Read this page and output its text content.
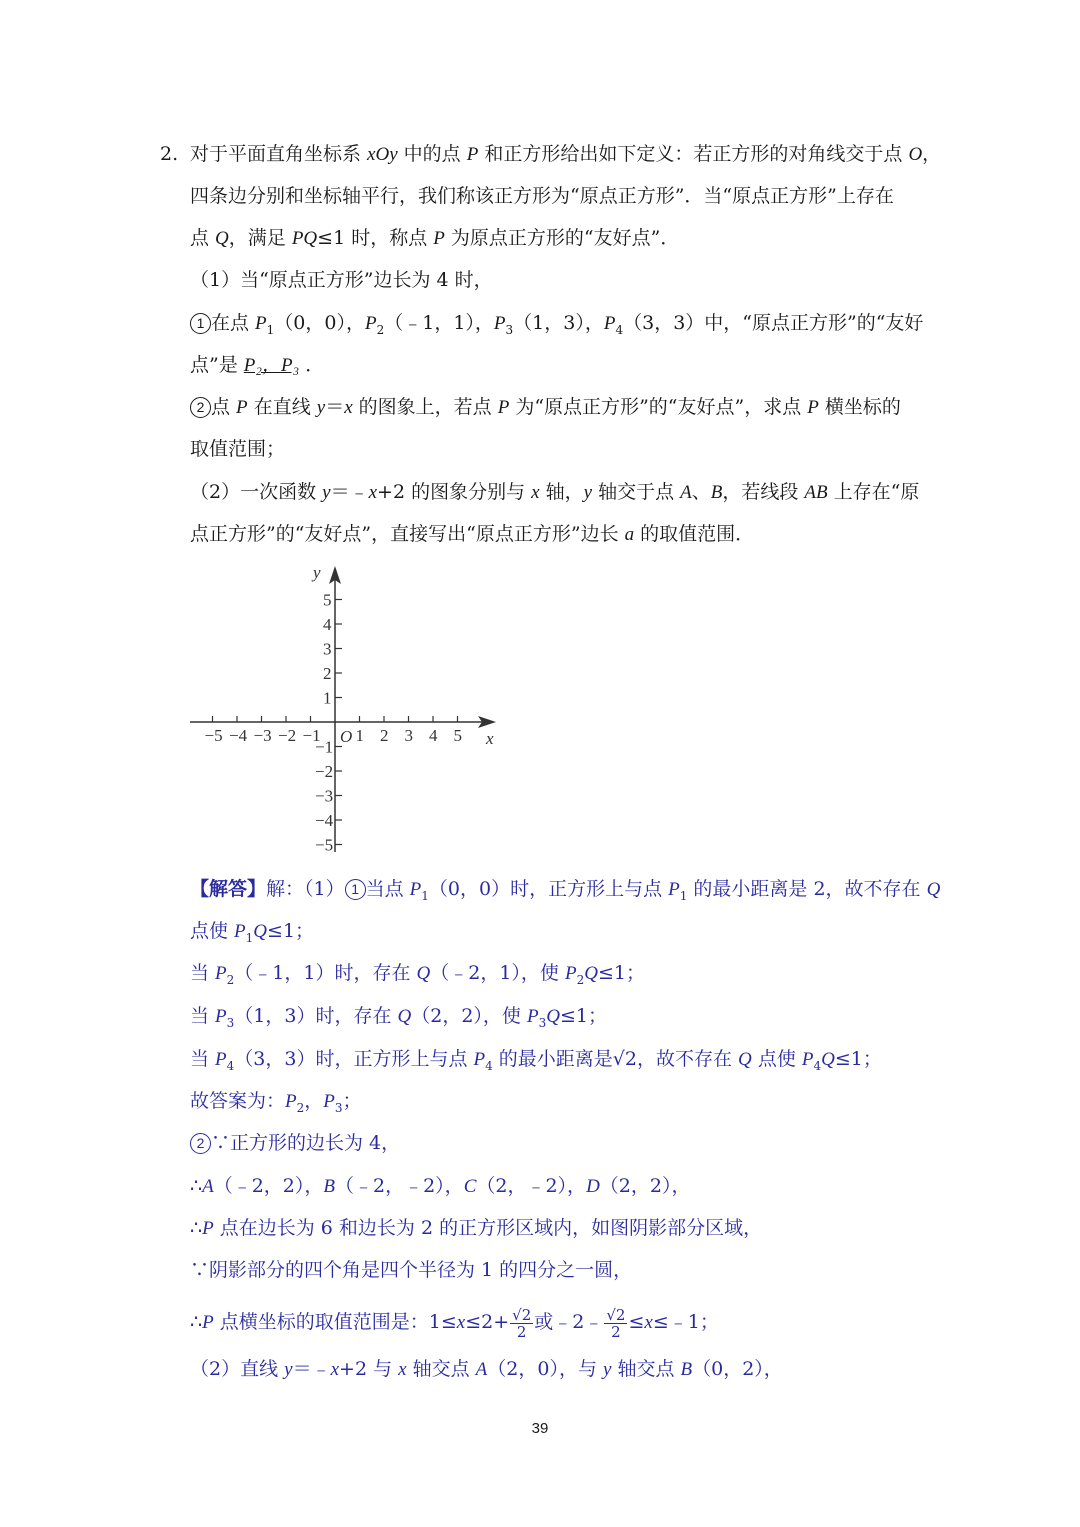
2. 对于平面直角坐标系 xOy 中的点 P 和正方形给出如下定义：若正方形的对角线交于点 O，
四条边分别和坐标轴平行，我们称该正方形为“原点正方形”．当“原点正方形”上存在
点 Q，满足 PQ≤1 时，称点 P 为原点正方形的“友好点”．
（1）当“原点正方形”边长为 4 时，
1 在点 $P_1(0$，0），$P_2(﹣1$，1），$P_3(1$，3），$P_4(3$，3）中，“原点正方形”的“友好
点”是 P₂，P₃ ．
2 点 P 在直线 y＝x 的图象上，若点 P 为“原点正方形”的“友好点”，求点 P 横坐标的
取值范围；
（2）一次函数 y＝﹣x+2 的图象分别与 x 轴，y 轴交于点 A、B，若线段 AB 上存在“原
点正方形”的“友好点”，直接写出“原点正方形”边长 a 的取值范围．
x
y
O
−5 −4 −3 −2 −1 1 2 3 4 5
5
4
3
2
1
−1
−2
−3
−4
−5
【解答】解：（1） 1 当点 $P_1(0$，0）时，正方形上与点 $P_1$ 的最小距离是 2，故不存在 Q
点使 $P_1Q\le 1$；
当 $P_2(﹣1$，1）时，存在 Q（﹣2，1），使 $P_2Q\le 1$；
当 $P_3(1$，3）时，存在 Q（2，2），使 $P_3Q\le 1$；
当 $P_4(3$，3）时，正方形上与点 $P_4$ 的最小距离是√2，故不存在 Q 点使 $P_4Q\le 1$；
故答案为：$P_2$，$P_3$；
2 ∵正方形的边长为 4，
∴A（﹣2，2），B（﹣2，﹣2），C（2，﹣2），D（2，2），
∴P 点在边长为 6 和边长为 2 的正方形区域内，如图阴影部分区域，
∵阴影部分的四个角是四个半径为 1 的四分之一圆，
∴P 点横坐标的取值范围是：$1\le x\le 2+ \frac{√2}{2}$ 或﹣2﹣ $\frac{√2}{2}$ ≤x≤﹣1；
（2）直线 y＝﹣x+2 与 x 轴交点 A（2，0），与 y 轴交点 B（0，2），
39
